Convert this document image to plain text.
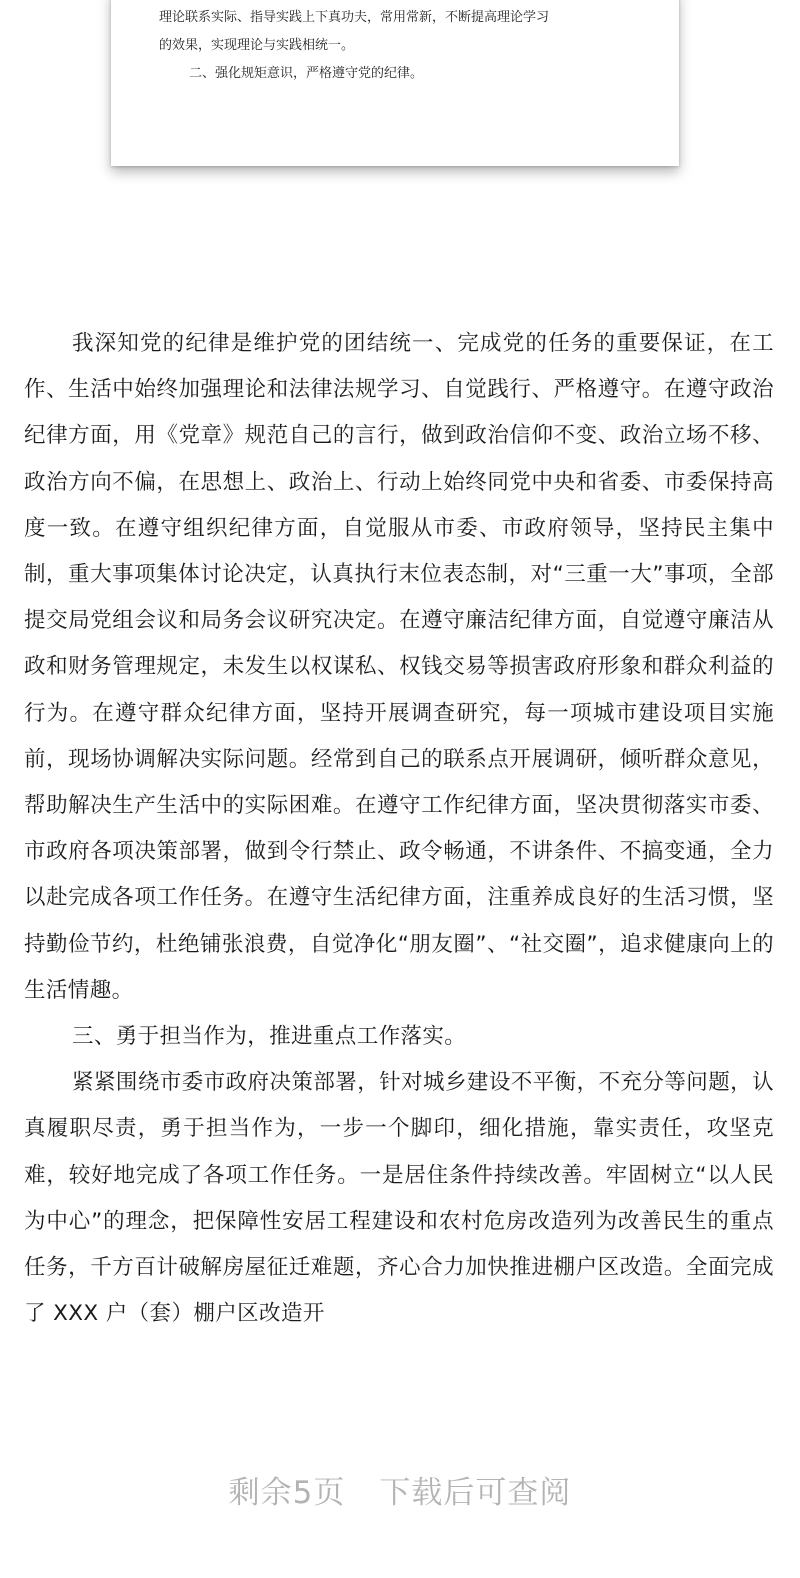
理论联系实际、指导实践上下真功夫，常用常新，不断提高理论学习

的效果，实现理论与实践相统一。

二、强化规矩意识，严格遵守党的纪律。

我深知党的纪律是维护党的团结统一、完成党的任务的重要保证，在工作、生活中始终加强理论和法律法规学习、自觉践行、严格遵守。在遵守政治纪律方面，用《党章》规范自己的言行，做到政治信仰不变、政治立场不移、政治方向不偏，在思想上、政治上、行动上始终同党中央和省委、市委保持高度一致。在遵守组织纪律方面，自觉服从市委、市政府领导，坚持民主集中制，重大事项集体讨论决定，认真执行末位表态制，对“三重一大”事项，全部提交局党组会议和局务会议研究决定。在遵守廉洁纪律方面，自觉遵守廉洁从政和财务管理规定，未发生以权谋私、权钱交易等损害政府形象和群众利益的行为。在遵守群众纪律方面，坚持开展调查研究，每一项城市建设项目实施前，现场协调解决实际问题。经常到自己的联系点开展调研，倾听群众意见，帮助解决生产生活中的实际困难。在遵守工作纪律方面，坚决贯彻落实市委、市政府各项决策部署，做到令行禁止、政令畅通，不讲条件、不搞变通，全力以赴完成各项工作任务。在遵守生活纪律方面，注重养成良好的生活习惯，坚持勤俭节约，杜绝铺张浪费，自觉净化“朋友圈”、“社交圈”，追求健康向上的生活情趣。

三、勇于担当作为，推进重点工作落实。

紧紧围绕市委市政府决策部署，针对城乡建设不平衡，不充分等问题，认真履职尽责，勇于担当作为，一步一个脚印，细化措施，靠实责任，攻坚克难，较好地完成了各项工作任务。一是居住条件持续改善。牢固树立“以人民为中心”的理念，把保障性安居工程建设和农村危房改造列为改善民生的重点任务，千方百计破解房屋征迁难题，齐心合力加快推进棚户区改造。全面完成了 XXX 户（套）棚户区改造开

剩余5页 下载后可查阅
